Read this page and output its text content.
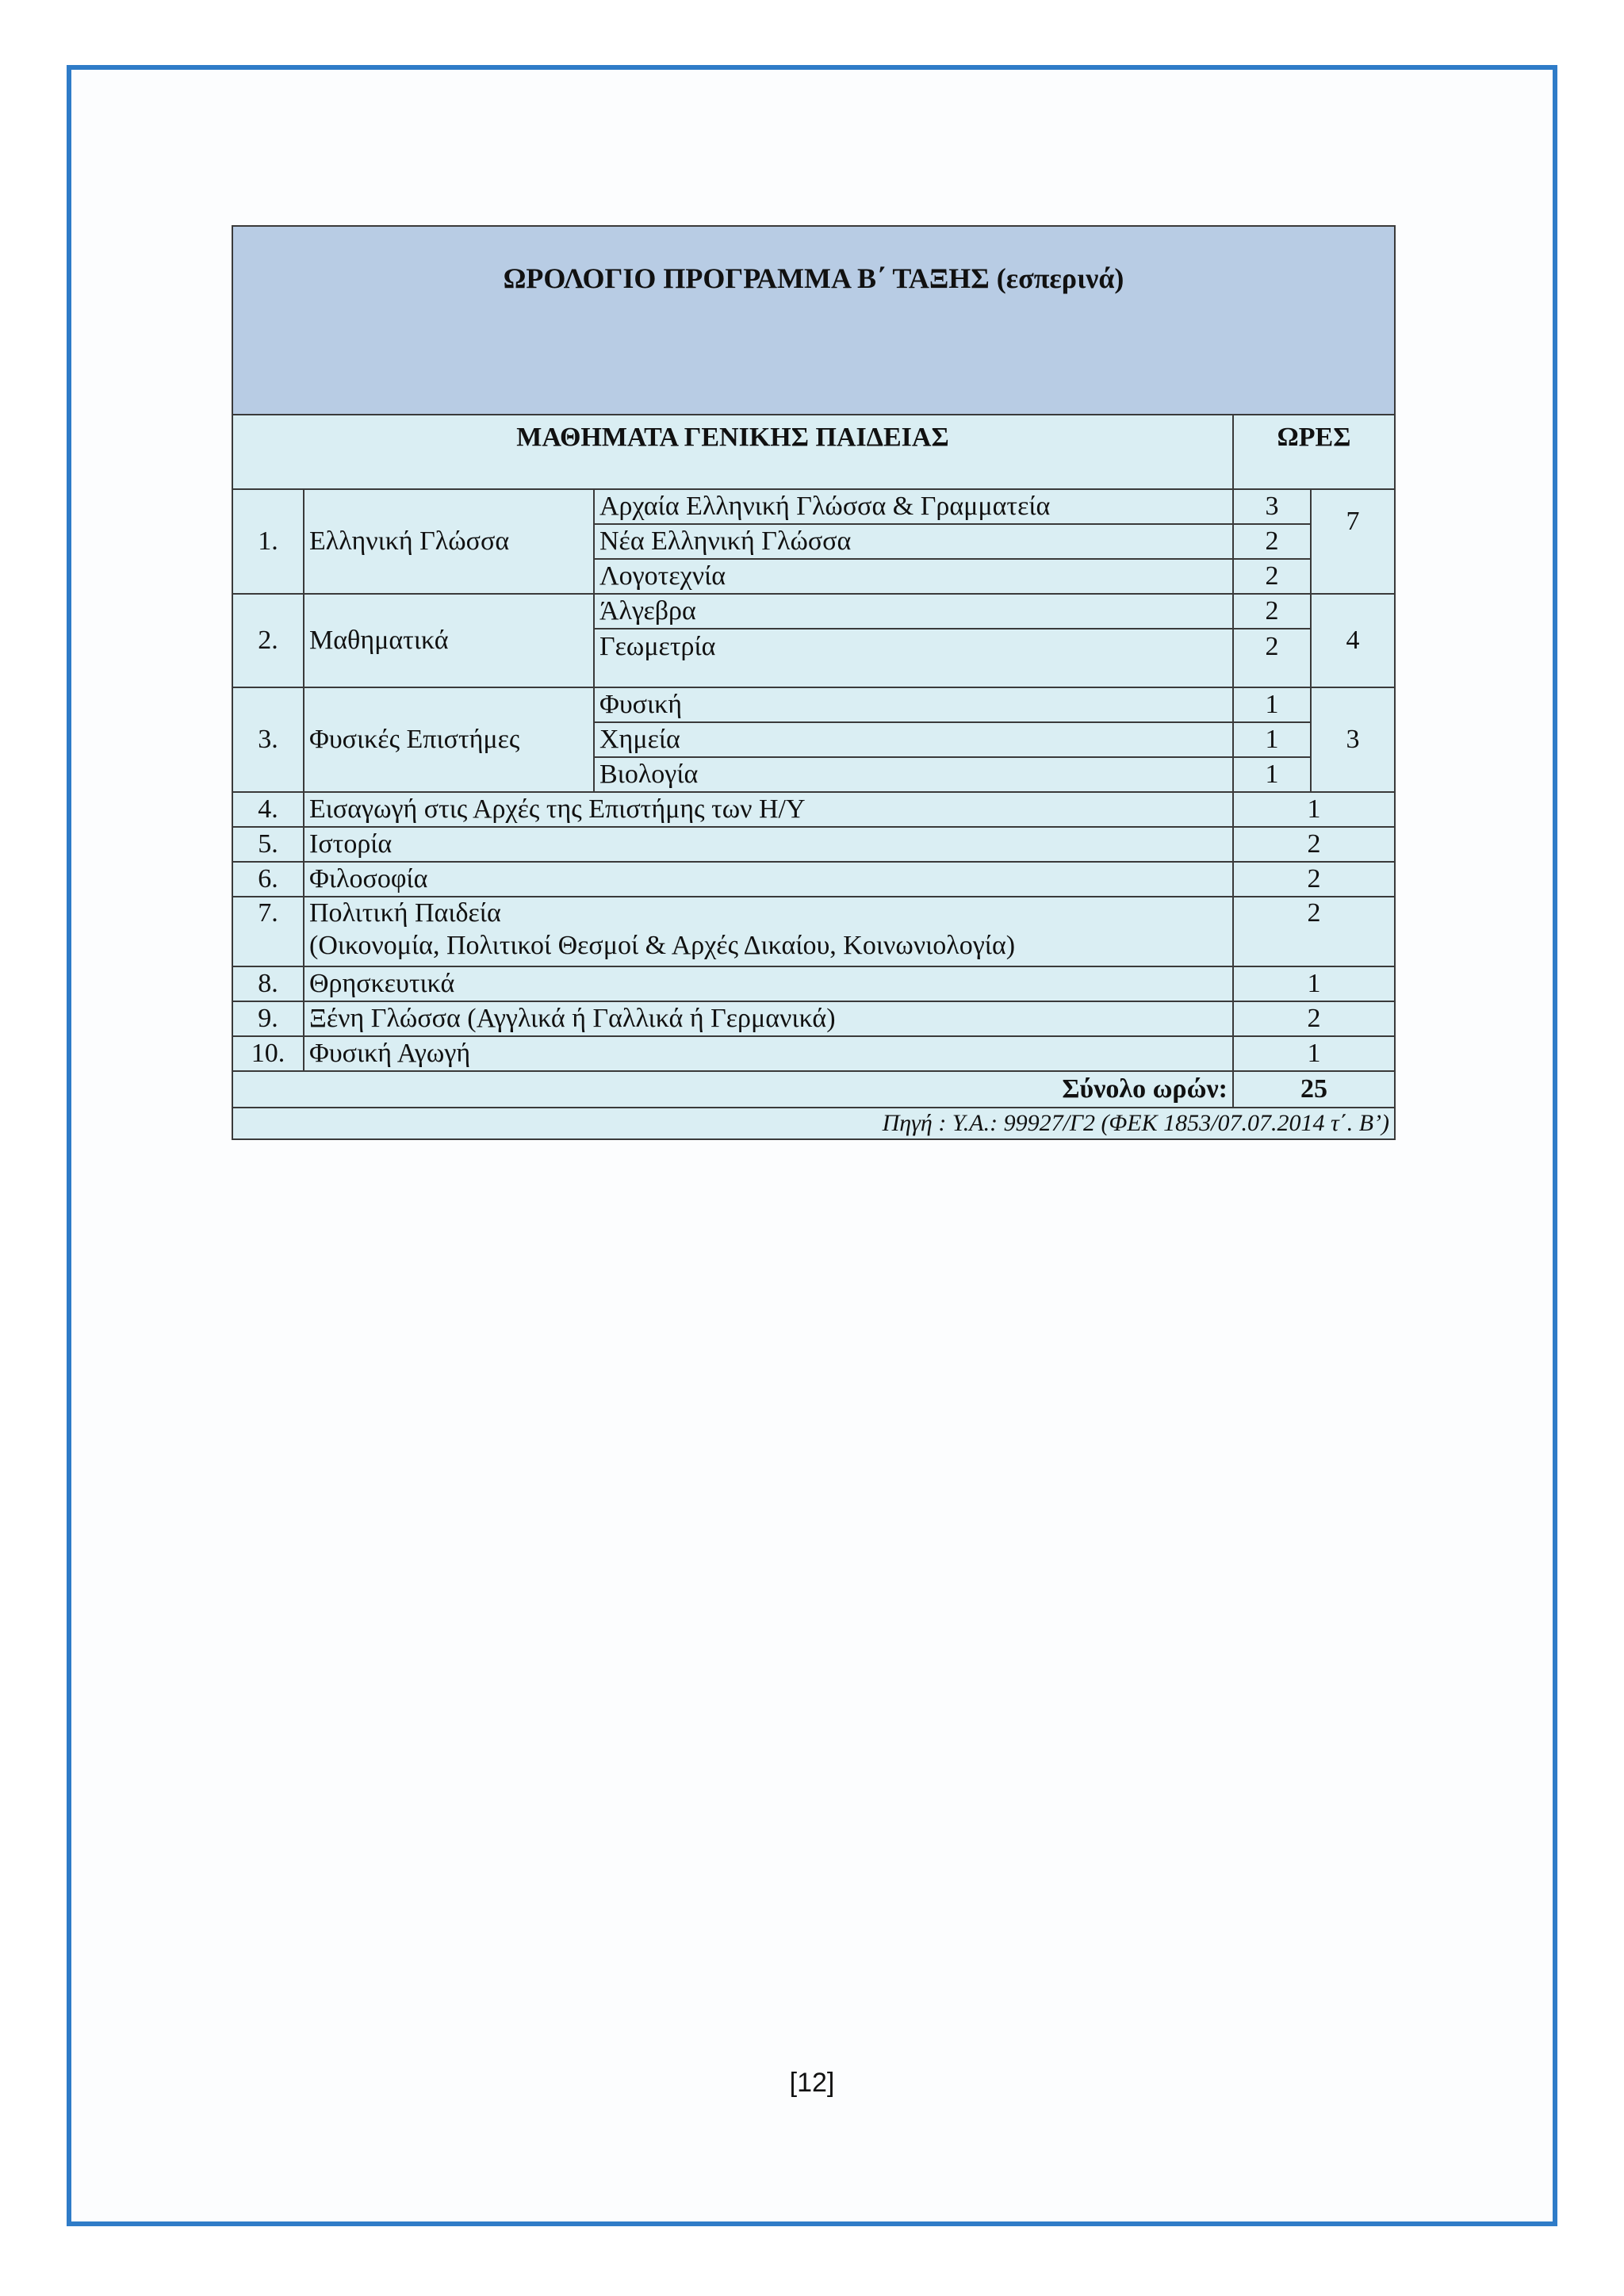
ΩΡΟΛΟΓΙΟ ΠΡΟΓΡΑΜΜΑ Β΄ ΤΑΞΗΣ (εσπερινά)				
ΜΑΘΗΜΑΤΑ ΓΕΝΙΚΗΣ ΠΑΙΔΕΙΑΣ			ΩΡΕΣ	
1.	Ελληνική Γλώσσα	Αρχαία Ελληνική Γλώσσα & Γραμματεία	3	7
		Νέα Ελληνική Γλώσσα	2	
		Λογοτεχνία	2	
2.	Μαθηματικά	Άλγεβρα	2	4
		Γεωμετρία	2	
3.	Φυσικές Επιστήμες	Φυσική	1	3
		Χημεία	1	
		Βιολογία	1	
4.	Εισαγωγή στις Αρχές της Επιστήμης των Η/Υ		1	
5.	Ιστορία		2	
6.	Φιλοσοφία		2	
7.	Πολιτική Παιδεία
(Οικονομία, Πολιτικοί Θεσμοί & Αρχές Δικαίου, Κοινωνιολογία)		2	
8.	Θρησκευτικά		1	
9.	Ξένη Γλώσσα (Αγγλικά ή Γαλλικά ή Γερμανικά)		2	
10.	Φυσική Αγωγή		1	
Σύνολο ωρών:			25	
Πηγή : Υ.Α.: 99927/Γ2 (ΦΕΚ 1853/07.07.2014 τ΄. Β’)				
[12]
